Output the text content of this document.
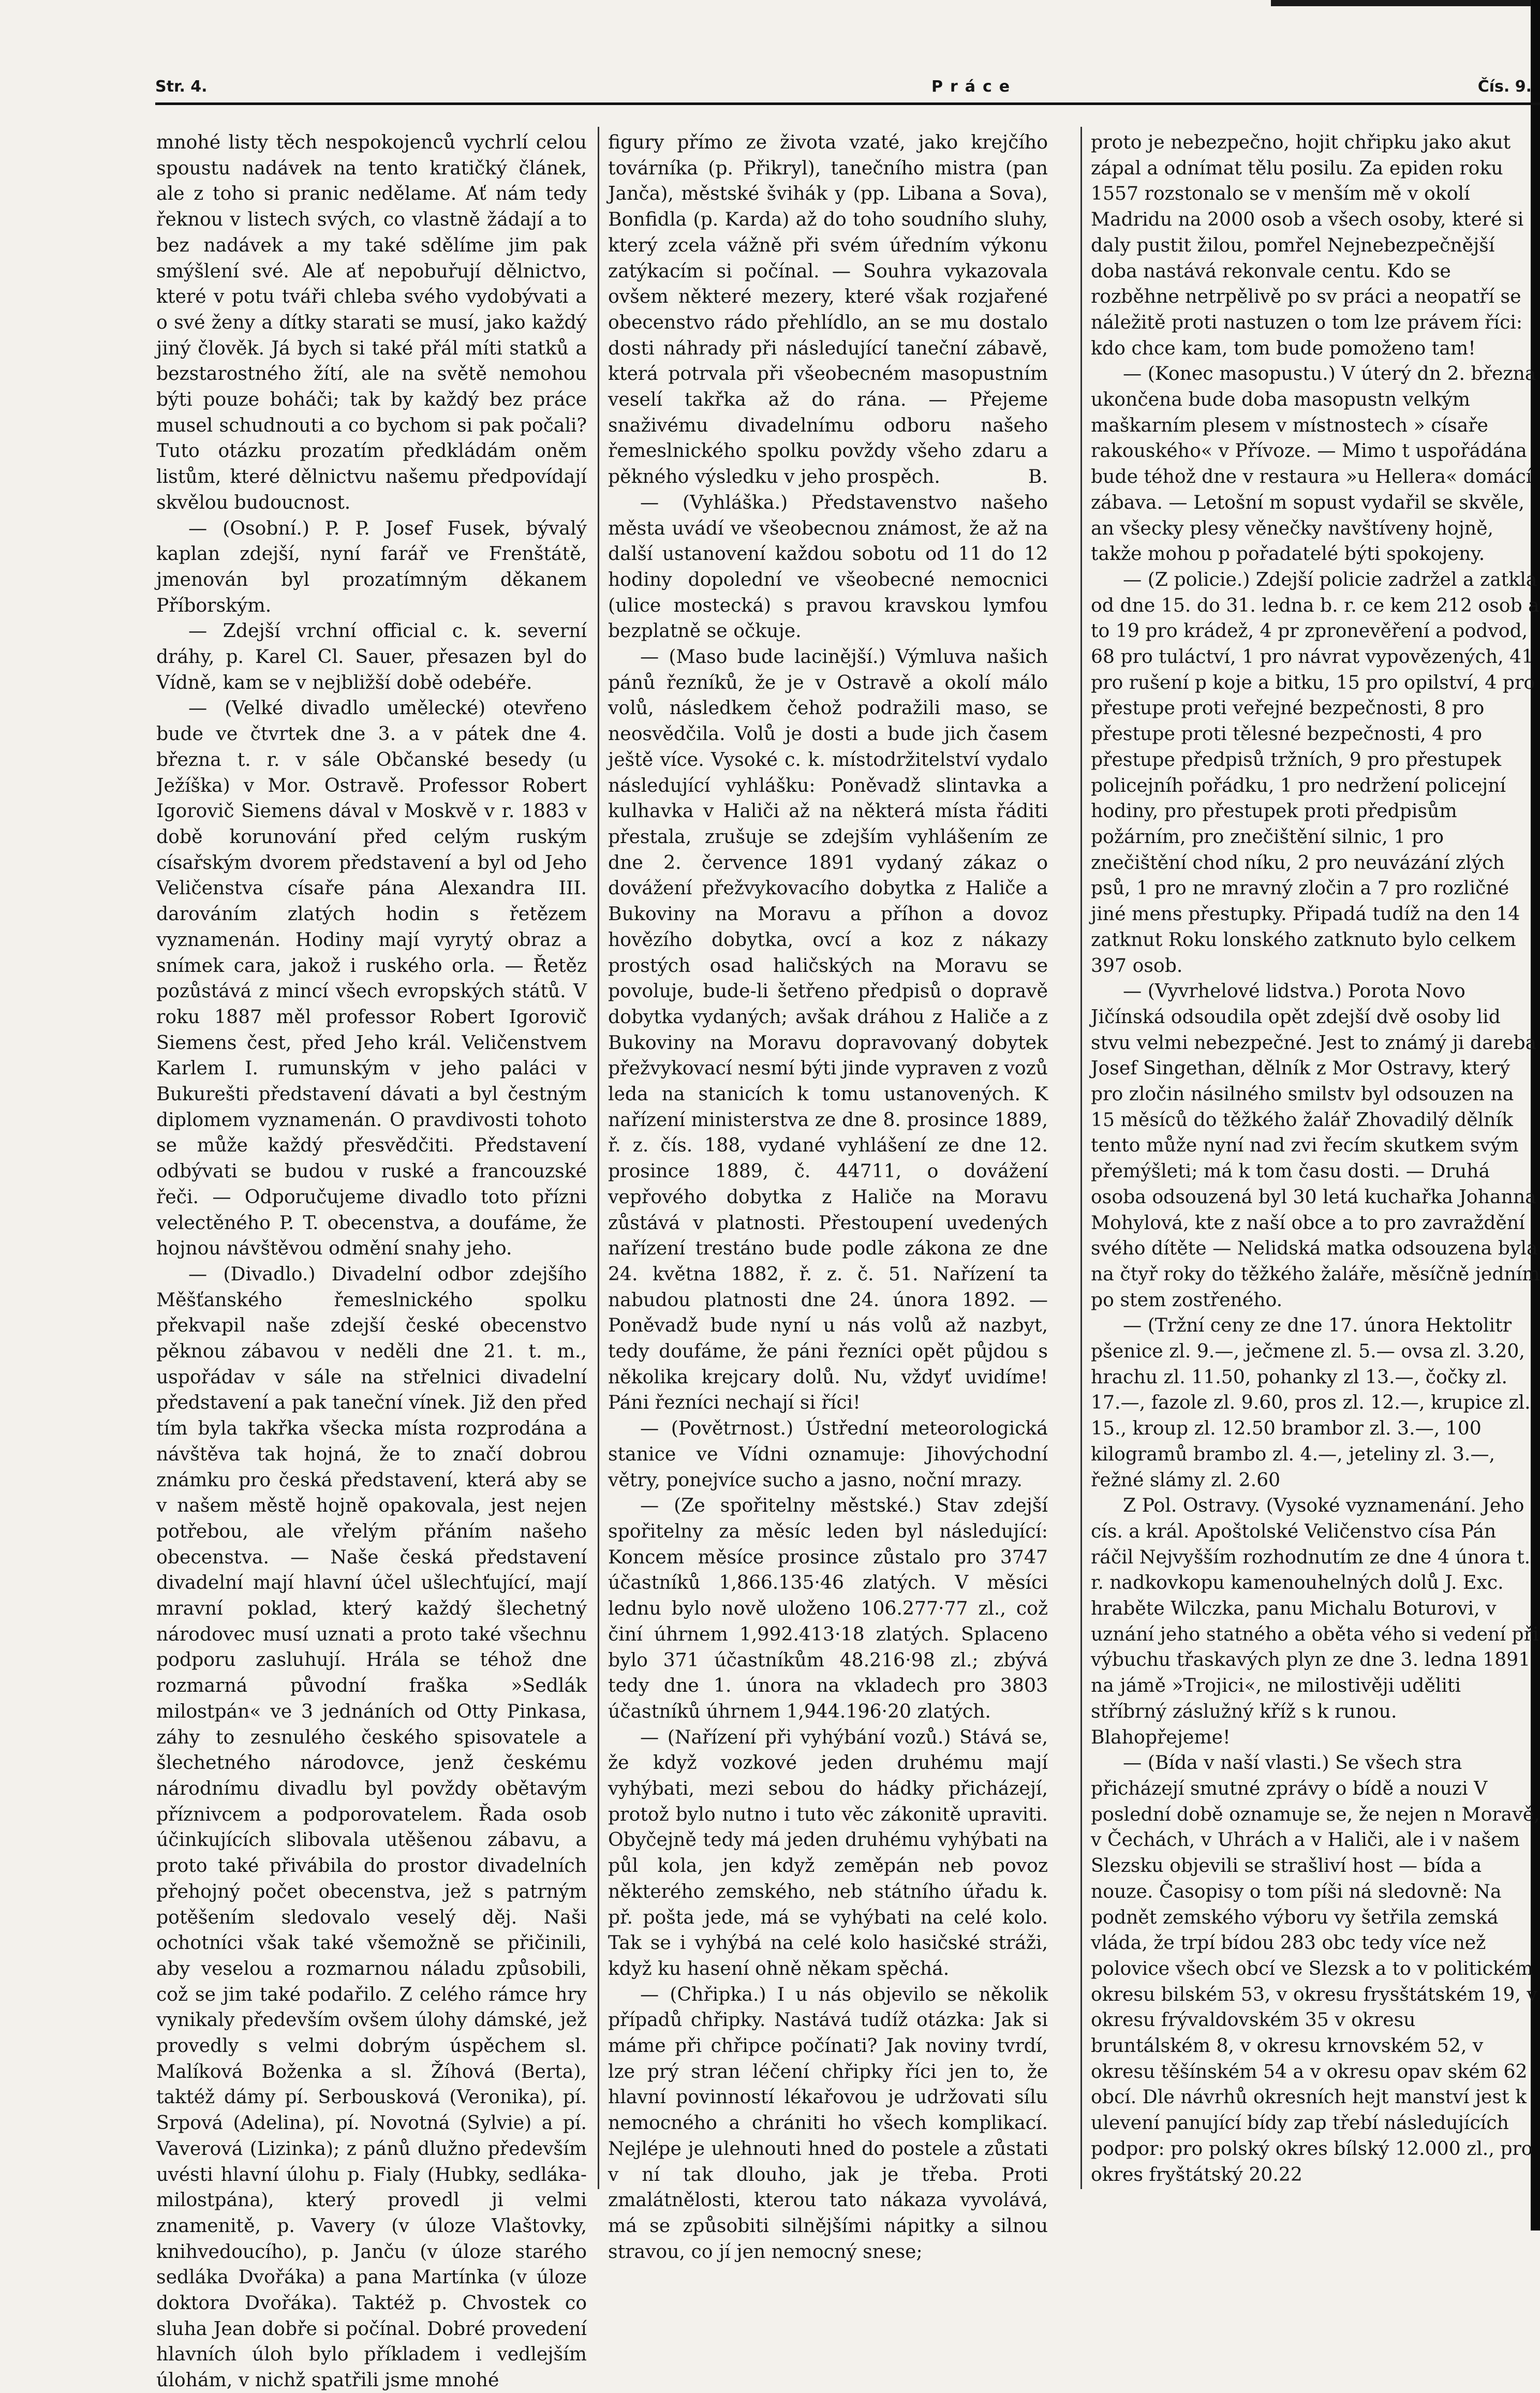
Str. 4.	Práce	Čís. 9.

mnohé listy těch nespokojenců vychrlí celou spoustu nadávek na tento kratičký článek, ale z toho si pranic nedělame. Ať nám tedy řeknou v listech svých, co vlastně žádají a to bez nadávek a my také sdělíme jim pak smýšlení své. Ale ať nepobuřují dělnictvo, které v potu tváři chleba svého vydobývati a o své ženy a dítky starati se musí, jako každý jiný člověk. Já bych si také přál míti statků a bezstarostného žítí, ale na světě nemohou býti pouze boháči; tak by každý bez práce musel schudnouti a co bychom si pak počali? Tuto otázku prozatím předkládám oněm listům, které dělnictvu našemu předpovídají skvělou budoucnost.

— (Osobní.) P. P. Josef Fusek, bývalý kaplan zdejší, nyní farář ve Frenštátě, jmenován byl prozatímným děkanem Příborským.

— Zdejší vrchní official c. k. severní dráhy, p. Karel Cl. Sauer, přesazen byl do Vídně, kam se v nejbližší době odebéře.

— (Velké divadlo umělecké) otevřeno bude ve čtvrtek dne 3. a v pátek dne 4. března t. r. v sále Občanské besedy (u Ježíška) v Mor. Ostravě. Professor Robert Igorovič Siemens dával v Moskvě v r. 1883 v době korunování před celým ruským císařským dvorem představení a byl od Jeho Veličenstva císaře pána Alexandra III. darováním zlatých hodin s řetězem vyznamenán. Hodiny mají vyrytý obraz a snímek cara, jakož i ruského orla. — Řetěz pozůstává z mincí všech evropských států. V roku 1887 měl professor Robert Igorovič Siemens čest, před Jeho král. Veličenstvem Karlem I. rumunským v jeho paláci v Bukurešti představení dávati a byl čestným diplomem vyznamenán. O pravdivosti tohoto se může každý přesvědčiti. Představení odbývati se budou v ruské a francouzské řeči. — Odporučujeme divadlo toto přízni velectěného P. T. obecenstva, a doufáme, že hojnou návštěvou odmění snahy jeho.

— (Divadlo.) Divadelní odbor zdejšího Měšťanského řemeslnického spolku překvapil naše zdejší české obecenstvo pěknou zábavou v neděli dne 21. t. m., uspořádav v sále na střelnici divadelní představení a pak taneční vínek. Již den před tím byla takřka všecka místa rozprodána a návštěva tak hojná, že to značí dobrou známku pro česká představení, která aby se v našem městě hojně opakovala, jest nejen potřebou, ale vřelým přáním našeho obecenstva. — Naše česká představení divadelní mají hlavní účel ušlechťující, mají mravní poklad, který každý šlechetný národovec musí uznati a proto také všechnu podporu zasluhují. Hrála se téhož dne rozmarná původní fraška »Sedlák milostpán« ve 3 jednáních od Otty Pinkasa, záhy to zesnulého českého spisovatele a šlechetného národovce, jenž českému národnímu divadlu byl povždy obětavým příznivcem a podporovatelem. Řada osob účinkujících slibovala utěšenou zábavu, a proto také přivábila do prostor divadelních přehojný počet obecenstva, jež s patrným potěšením sledovalo veselý děj. Naši ochotníci však také všemožně se přičinili, aby veselou a rozmarnou náladu způsobili, což se jim také podařilo. Z celého rámce hry vynikaly především ovšem úlohy dámské, jež provedly s velmi dobrým úspěchem sl. Malíková Boženka a sl. Žíhová (Berta), taktéž dámy pí. Serbousková (Veronika), pí. Srpová (Adelina), pí. Novotná (Sylvie) a pí. Vaverová (Lizinka); z pánů dlužno především uvésti hlavní úlohu p. Fialy (Hubky, sedláka-milostpána), který provedl ji velmi znamenitě, p. Vavery (v úloze Vlaštovky, knihvedoucího), p. Janču (v úloze starého sedláka Dvořáka) a pana Martínka (v úloze doktora Dvořáka). Taktéž p. Chvostek co sluha Jean dobře si počínal. Dobré provedení hlavních úloh bylo příkladem i vedlejším úlohám, v nichž spatřili jsme mnohé

figury přímo ze života vzaté, jako krejčího továrníka (p. Přikryl), tanečního mistra (pan Janča), městské švihák y (pp. Libana a Sova), Bonfidla (p. Karda) až do toho soudního sluhy, který zcela vážně při svém úředním výkonu zatýkacím si počínal. — Souhra vykazovala ovšem některé mezery, které však rozjařené obecenstvo rádo přehlídlo, an se mu dostalo dosti náhrady při následující taneční zábavě, která potrvala při všeobecném masopustním veselí takřka až do rána. — Přejeme snaživému divadelnímu odboru našeho řemeslnického spolku povždy všeho zdaru a pěkného výsledku v jeho prospěch.	B.

— (Vyhláška.) Představenstvo našeho města uvádí ve všeobecnou známost, že až na další ustanovení každou sobotu od 11 do 12 hodiny dopolední ve všeobecné nemocnici (ulice mostecká) s pravou kravskou lymfou bezplatně se očkuje.

— (Maso bude lacinější.) Výmluva našich pánů řezníků, že je v Ostravě a okolí málo volů, následkem čehož podražili maso, se neosvědčila. Volů je dosti a bude jich časem ještě více. Vysoké c. k. místodržitelství vydalo následující vyhlášku: Poněvadž slintavka a kulhavka v Haliči až na některá místa řáditi přestala, zrušuje se zdejším vyhlášením ze dne 2. července 1891 vydaný zákaz o dovážení přežvykovacího dobytka z Haliče a Bukoviny na Moravu a příhon a dovoz hovězího dobytka, ovcí a koz z nákazy prostých osad haličských na Moravu se povoluje, bude-li šetřeno předpisů o dopravě dobytka vydaných; avšak dráhou z Haliče a z Bukoviny na Moravu dopravovaný dobytek přežvykovací nesmí býti jinde vypraven z vozů leda na stanicích k tomu ustanovených. K nařízení ministerstva ze dne 8. prosince 1889, ř. z. čís. 188, vydané vyhlášení ze dne 12. prosince 1889, č. 44711, o dovážení vepřového dobytka z Haliče na Moravu zůstává v platnosti. Přestoupení uvedených nařízení trestáno bude podle zákona ze dne 24. května 1882, ř. z. č. 51. Nařízení ta nabudou platnosti dne 24. února 1892. — Poněvadž bude nyní u nás volů až nazbyt, tedy doufáme, že páni řezníci opět půjdou s několika krejcary dolů. Nu, vždyť uvidíme! Páni řezníci nechají si říci!

— (Povětrnost.) Ústřední meteorologická stanice ve Vídni oznamuje: Jihovýchodní větry, ponejvíce sucho a jasno, noční mrazy.

— (Ze spořitelny městské.) Stav zdejší spořitelny za měsíc leden byl následující: Koncem měsíce prosince zůstalo pro 3747 účastníků 1,866.135·46 zlatých. V měsíci lednu bylo nově uloženo 106.277·77 zl., což činí úhrnem 1,992.413·18 zlatých. Splaceno bylo 371 účastníkům 48.216·98 zl.; zbývá tedy dne 1. února na vkladech pro 3803 účastníků úhrnem 1,944.196·20 zlatých.

— (Nařízení při vyhýbání vozů.) Stává se, že když vozkové jeden druhému mají vyhýbati, mezi sebou do hádky přicházejí, protož bylo nutno i tuto věc zákonitě upraviti. Obyčejně tedy má jeden druhému vyhýbati na půl kola, jen když zeměpán neb povoz některého zemského, neb státního úřadu k. př. pošta jede, má se vyhýbati na celé kolo. Tak se i vyhýbá na celé kolo hasičské stráži, když ku hasení ohně někam spěchá.

— (Chřipka.) I u nás objevilo se několik případů chřipky. Nastává tudíž otázka: Jak si máme při chřipce počínati? Jak noviny tvrdí, lze prý stran léčení chřipky říci jen to, že hlavní povinností lékařovou je udržovati sílu nemocného a chrániti ho všech komplikací. Nejlépe je ulehnouti hned do postele a zůstati v ní tak dlouho, jak je třeba. Proti zmalátnělosti, kterou tato nákaza vyvolává, má se způsobiti silnějšími nápitky a silnou stravou, co jí jen nemocný snese;

proto je nebezpečno, hojit chřipku jako akut zápal a odnímat tělu posilu. Za epiden roku 1557 rozstonalo se v menším mě v okolí Madridu na 2000 osob a všech osoby, které si daly pustit žilou, pomřel Nejnebezpečnější doba nastává rekonvale centu. Kdo se rozběhne netrpělivě po sv práci a neopatří se náležitě proti nastuzen o tom lze právem říci: kdo chce kam, tom bude pomoženo tam!

— (Konec masopustu.) V úterý dn 2. března ukončena bude doba masopustn velkým maškarním plesem v místnostech » císaře rakouského« v Přívoze. — Mimo t uspořádána bude téhož dne v restaura »u Hellera« domácí zábava. — Letošní m sopust vydařil se skvěle, an všecky plesy věnečky navštíveny hojně, takže mohou p pořadatelé býti spokojeny.

— (Z policie.) Zdejší policie zadržel a zatkla od dne 15. do 31. ledna b. r. ce kem 212 osob a to 19 pro krádež, 4 pr zpronevěření a podvod, 68 pro tuláctví, 1 pro návrat vypovězených, 41 pro rušení p koje a bitku, 15 pro opilství, 4 pro přestupe proti veřejné bezpečnosti, 8 pro přestupe proti tělesné bezpečnosti, 4 pro přestupe předpisů tržních, 9 pro přestupek policejníh pořádku, 1 pro nedržení policejní hodiny, pro přestupek proti předpisům požárním, pro znečištění silnic, 1 pro znečištění chod níku, 2 pro neuvázání zlých psů, 1 pro ne mravný zločin a 7 pro rozličné jiné mens přestupky. Připadá tudíž na den 14 zatknut Roku lonského zatknuto bylo celkem 397 osob.

— (Vyvrhelové lidstva.) Porota Novo Jičínská odsoudila opět zdejší dvě osoby lid stvu velmi nebezpečné. Jest to známý ji dareba Josef Singethan, dělník z Mor Ostravy, který pro zločin násilného smilstv byl odsouzen na 15 měsíců do těžkého žalář Zhovadilý dělník tento může nyní nad zvi řecím skutkem svým přemýšleti; má k tom času dosti. — Druhá osoba odsouzená byl 30 letá kuchařka Johanna Mohylová, kte z naší obce a to pro zavraždění svého dítěte — Nelidská matka odsouzena byla na čtyř roky do těžkého žaláře, měsíčně jedním po stem zostřeného.

— (Tržní ceny ze dne 17. února Hektolitr pšenice zl. 9.—, ječmene zl. 5.— ovsa zl. 3.20, hrachu zl. 11.50, pohanky zl 13.—, čočky zl. 17.—, fazole zl. 9.60, pros zl. 12.—, krupice zl. 15., kroup zl. 12.50 brambor zl. 3.—, 100 kilogramů brambo zl. 4.—, jeteliny zl. 3.—, řežné slámy zl. 2.60

Z Pol. Ostravy. (Vysoké vyznamenání. Jeho cís. a král. Apoštolské Veličenstvo císa Pán ráčil Nejvyšším rozhodnutím ze dne 4 února t. r. nadkovkopu kamenouhelných dolů J. Exc. hraběte Wilczka, panu Michalu Boturovi, v uznání jeho statného a oběta vého si vedení při výbuchu třaskavých plyn ze dne 3. ledna 1891 na jámě »Trojici«, ne milostivěji uděliti stříbrný záslužný kříž s k runou. Blahopřejeme!

— (Bída v naší vlasti.) Se všech stra přicházejí smutné zprávy o bídě a nouzi V poslední době oznamuje se, že nejen n Moravě, v Čechách, v Uhrách a v Haliči, ale i v našem Slezsku objevili se strašliví host — bída a nouze. Časopisy o tom píši ná sledovně: Na podnět zemského výboru vy šetřila zemská vláda, že trpí bídou 283 obc tedy více než polovice všech obcí ve Slezsk a to v politickém okresu bilském 53, v okresu frysštátském 19, v okresu frývaldovském 35 v okresu bruntálském 8, v okresu krnovském 52, v okresu těšínském 54 a v okresu opav ském 62 obcí. Dle návrhů okresních hejt manství jest k ulevení panující bídy zap třebí následujících podpor: pro polský okres bílský 12.000 zl., pro okres fryštátský 20.22
